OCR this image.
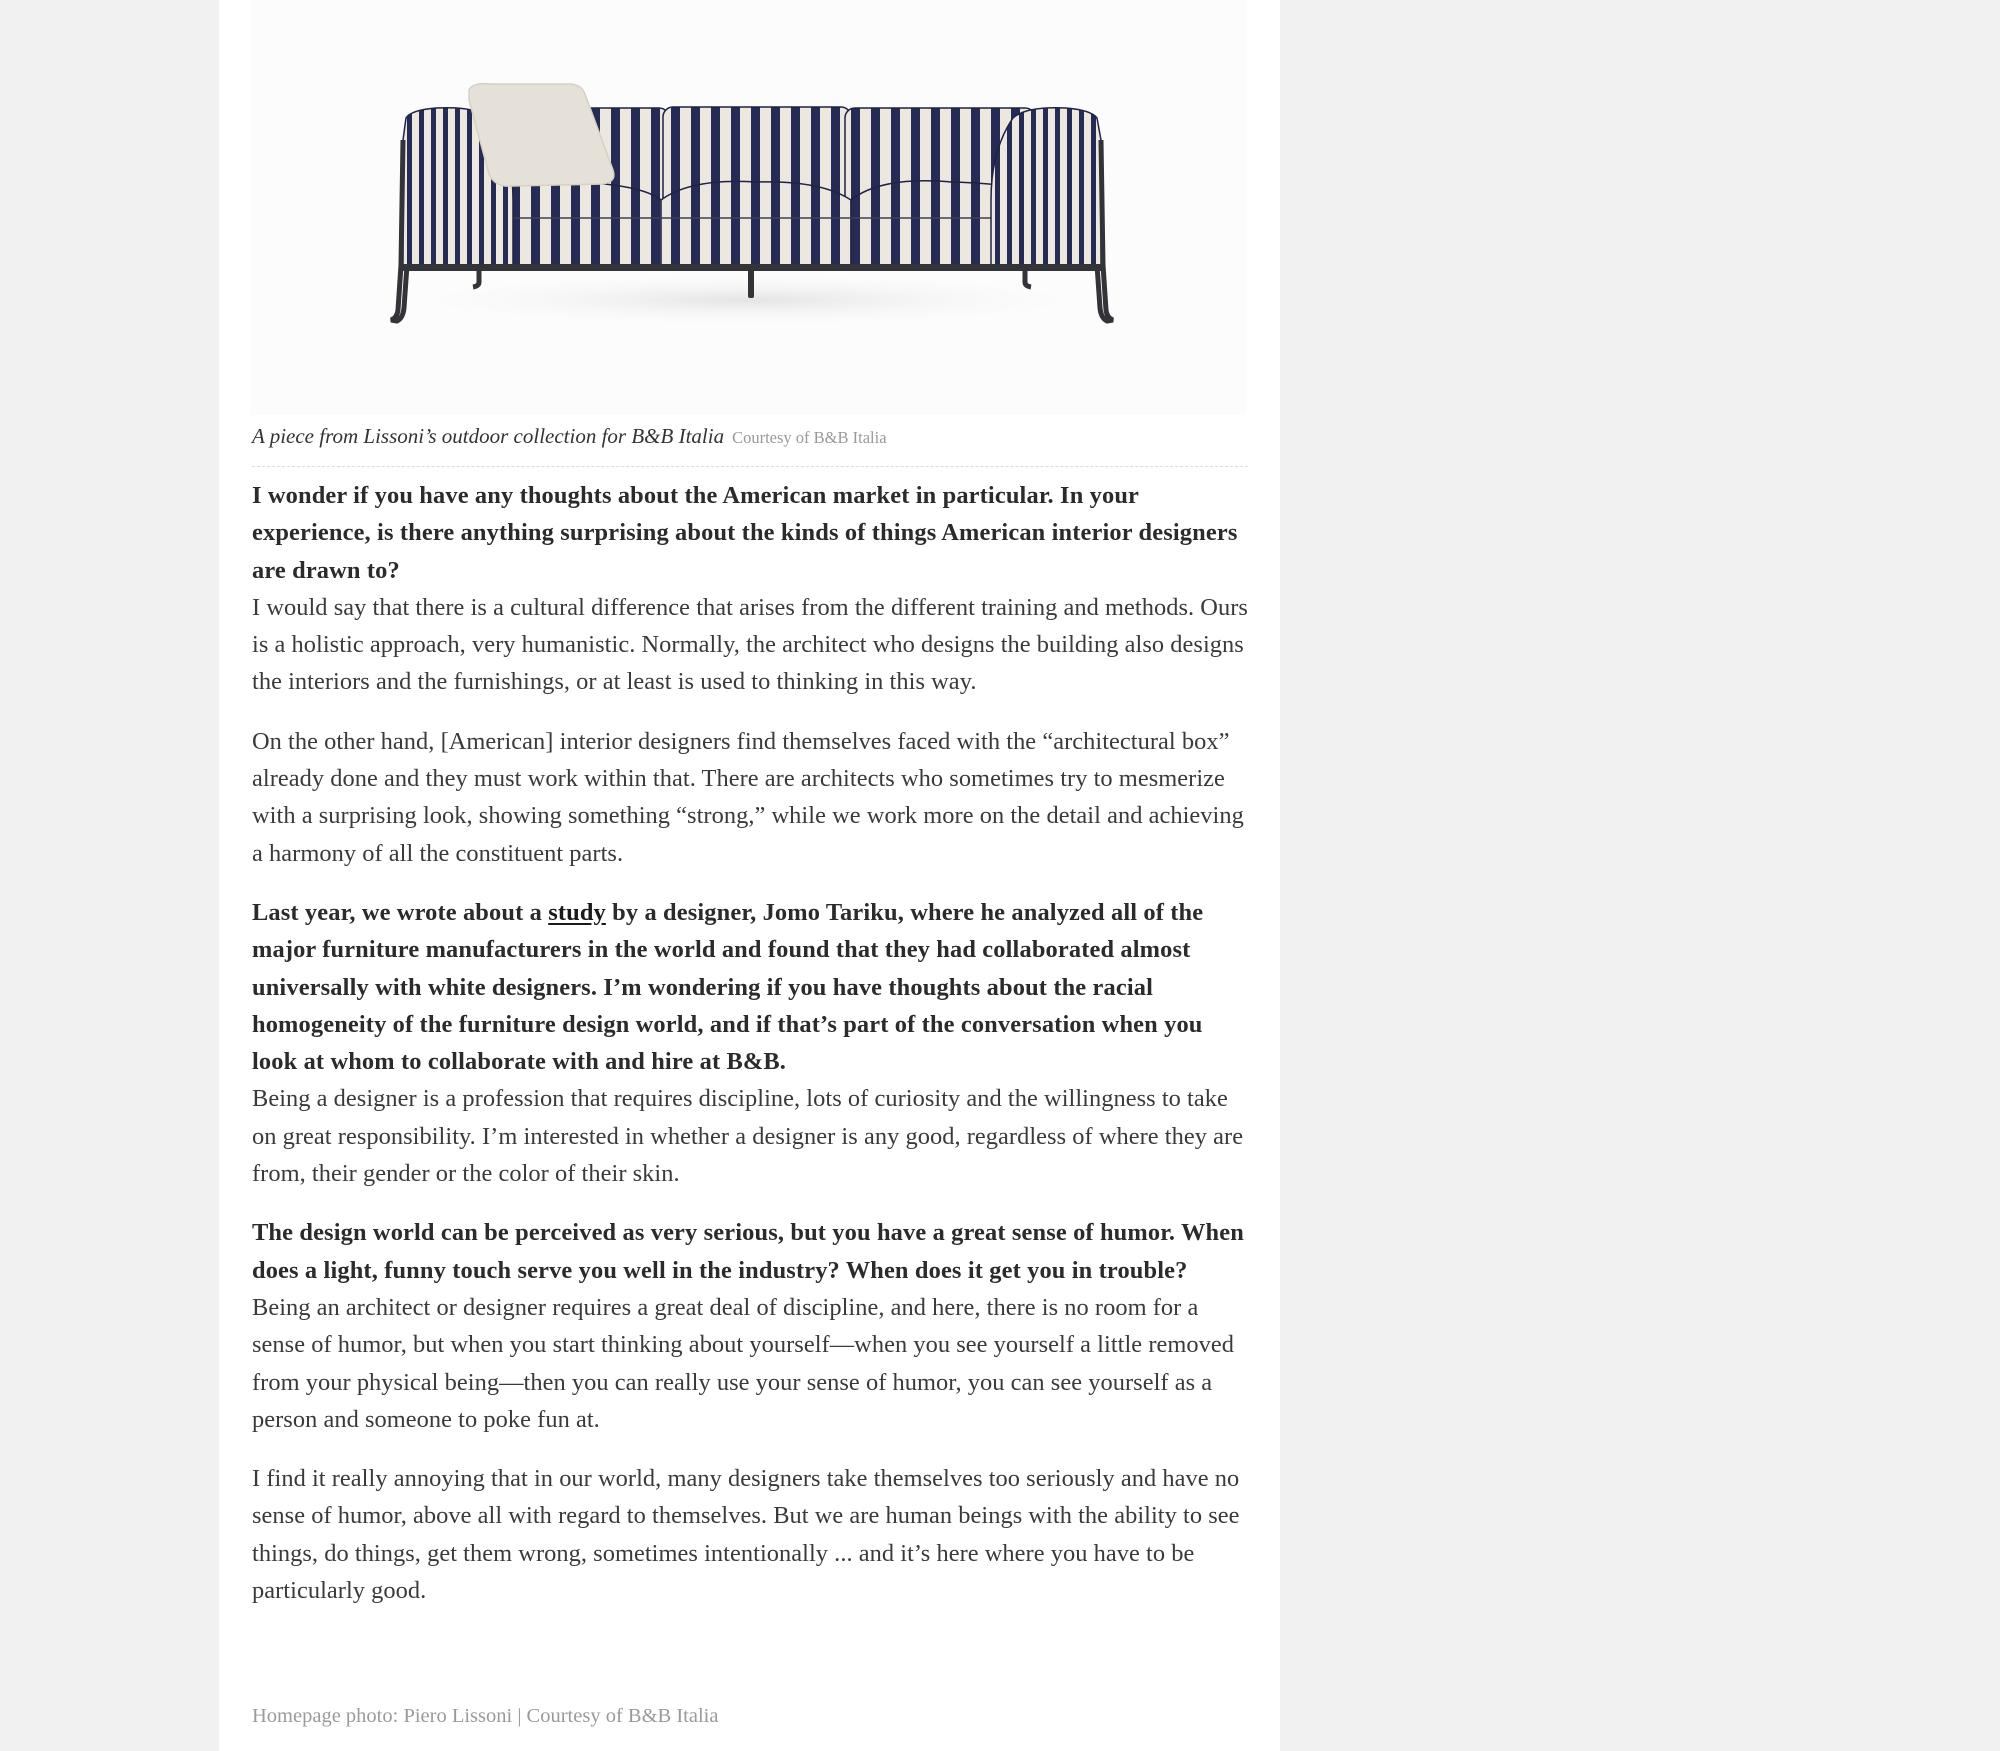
A piece from Lissoni’s outdoor collection for B&B Italia Courtesy of B&B Italia

I wonder if you have any thoughts about the American market in particular. In your experience, is there anything surprising about the kinds of things American interior designers are drawn to?

I would say that there is a cultural difference that arises from the different training and methods. Ours is a holistic approach, very humanistic. Normally, the architect who designs the building also designs the interiors and the furnishings, or at least is used to thinking in this way.

On the other hand, [American] interior designers find themselves faced with the “architectural box” already done and they must work within that. There are architects who sometimes try to mesmerize with a surprising look, showing something “strong,” while we work more on the detail and achieving a harmony of all the constituent parts.

Last year, we wrote about a study by a designer, Jomo Tariku, where he analyzed all of the major furniture manufacturers in the world and found that they had collaborated almost universally with white designers. I’m wondering if you have thoughts about the racial homogeneity of the furniture design world, and if that’s part of the conversation when you look at whom to collaborate with and hire at B&B.

Being a designer is a profession that requires discipline, lots of curiosity and the willingness to take on great responsibility. I’m interested in whether a designer is any good, regardless of where they are from, their gender or the color of their skin.

The design world can be perceived as very serious, but you have a great sense of humor. When does a light, funny touch serve you well in the industry? When does it get you in trouble?

Being an architect or designer requires a great deal of discipline, and here, there is no room for a sense of humor, but when you start thinking about yourself—when you see yourself a little removed from your physical being—then you can really use your sense of humor, you can see yourself as a person and someone to poke fun at.

I find it really annoying that in our world, many designers take themselves too seriously and have no sense of humor, above all with regard to themselves. But we are human beings with the ability to see things, do things, get them wrong, sometimes intentionally ... and it’s here where you have to be particularly good.

Homepage photo: Piero Lissoni | Courtesy of B&B Italia
